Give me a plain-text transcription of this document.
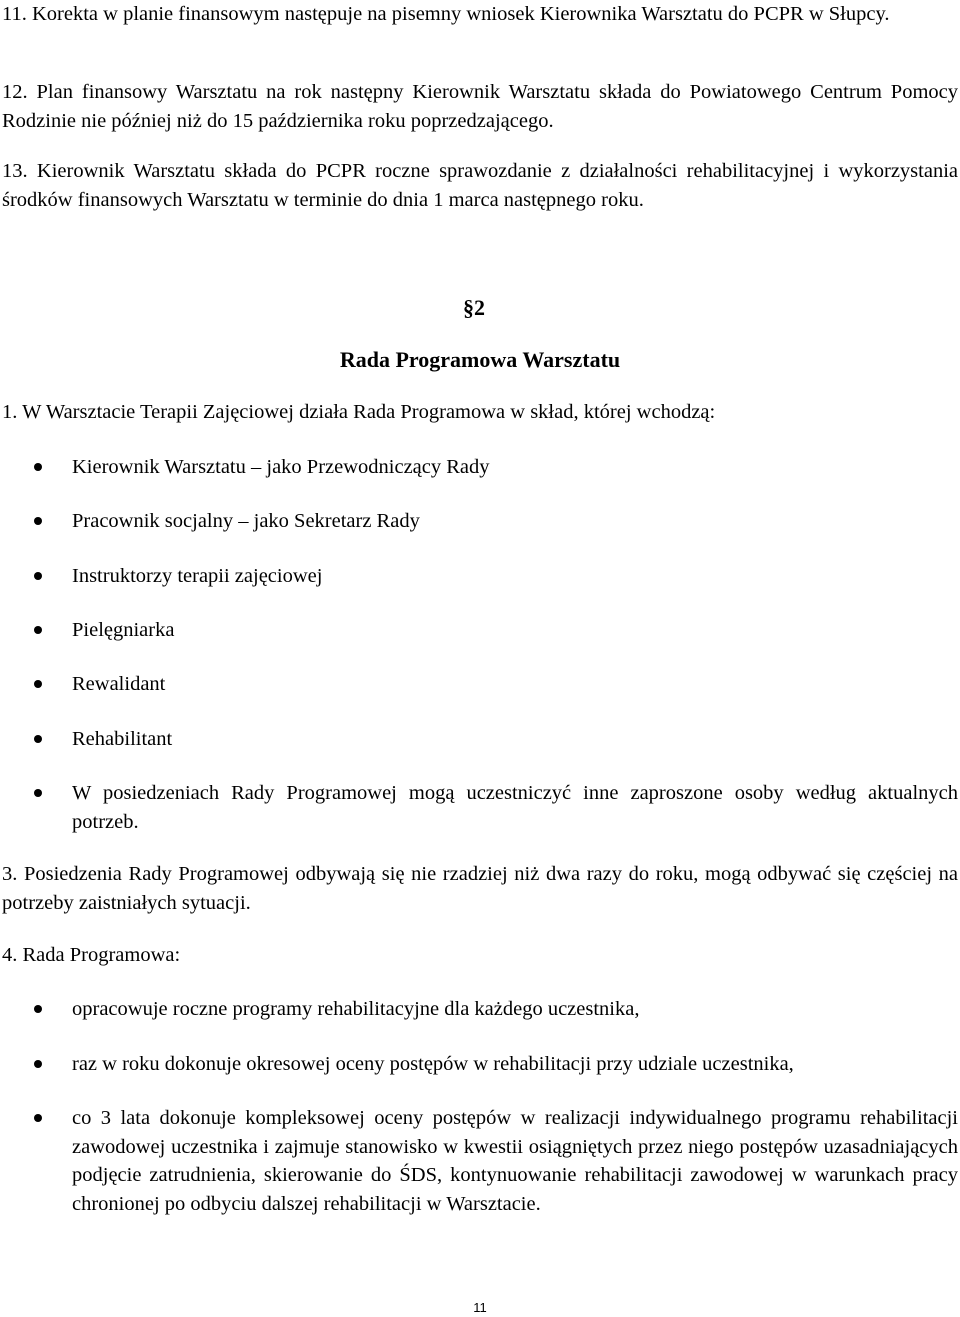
11. Korekta w planie finansowym następuje na pisemny wniosek Kierownika Warsztatu do PCPR w Słupcy.

12. Plan finansowy Warsztatu na rok następny Kierownik Warsztatu składa do Powiatowego Centrum Pomocy Rodzinie nie później niż do 15 października roku poprzedzającego.

13. Kierownik Warsztatu składa do PCPR roczne sprawozdanie z działalności rehabilitacyjnej i wykorzystania środków finansowych Warsztatu w terminie do dnia 1 marca następnego roku.

§2
Rada Programowa Warsztatu

1. W Warsztacie Terapii Zajęciowej działa Rada Programowa w skład, której wchodzą:

Kierownik Warsztatu – jako Przewodniczący Rady
Pracownik socjalny – jako Sekretarz Rady
Instruktorzy terapii zajęciowej
Pielęgniarka
Rewalidant
Rehabilitant
W posiedzeniach Rady Programowej mogą uczestniczyć inne zaproszone osoby według aktualnych potrzeb.

3. Posiedzenia Rady Programowej odbywają się nie rzadziej niż dwa razy do roku, mogą odbywać się częściej na potrzeby zaistniałych sytuacji.

4. Rada Programowa:

opracowuje roczne programy rehabilitacyjne dla każdego uczestnika,
raz w roku dokonuje okresowej oceny postępów w rehabilitacji przy udziale uczestnika,
co 3 lata dokonuje kompleksowej oceny postępów w realizacji indywidualnego programu rehabilitacji zawodowej uczestnika i zajmuje stanowisko w kwestii osiągniętych przez niego postępów uzasadniających podjęcie zatrudnienia, skierowanie do ŚDS, kontynuowanie rehabilitacji zawodowej w warunkach pracy chronionej po odbyciu dalszej rehabilitacji w Warsztacie.
11
